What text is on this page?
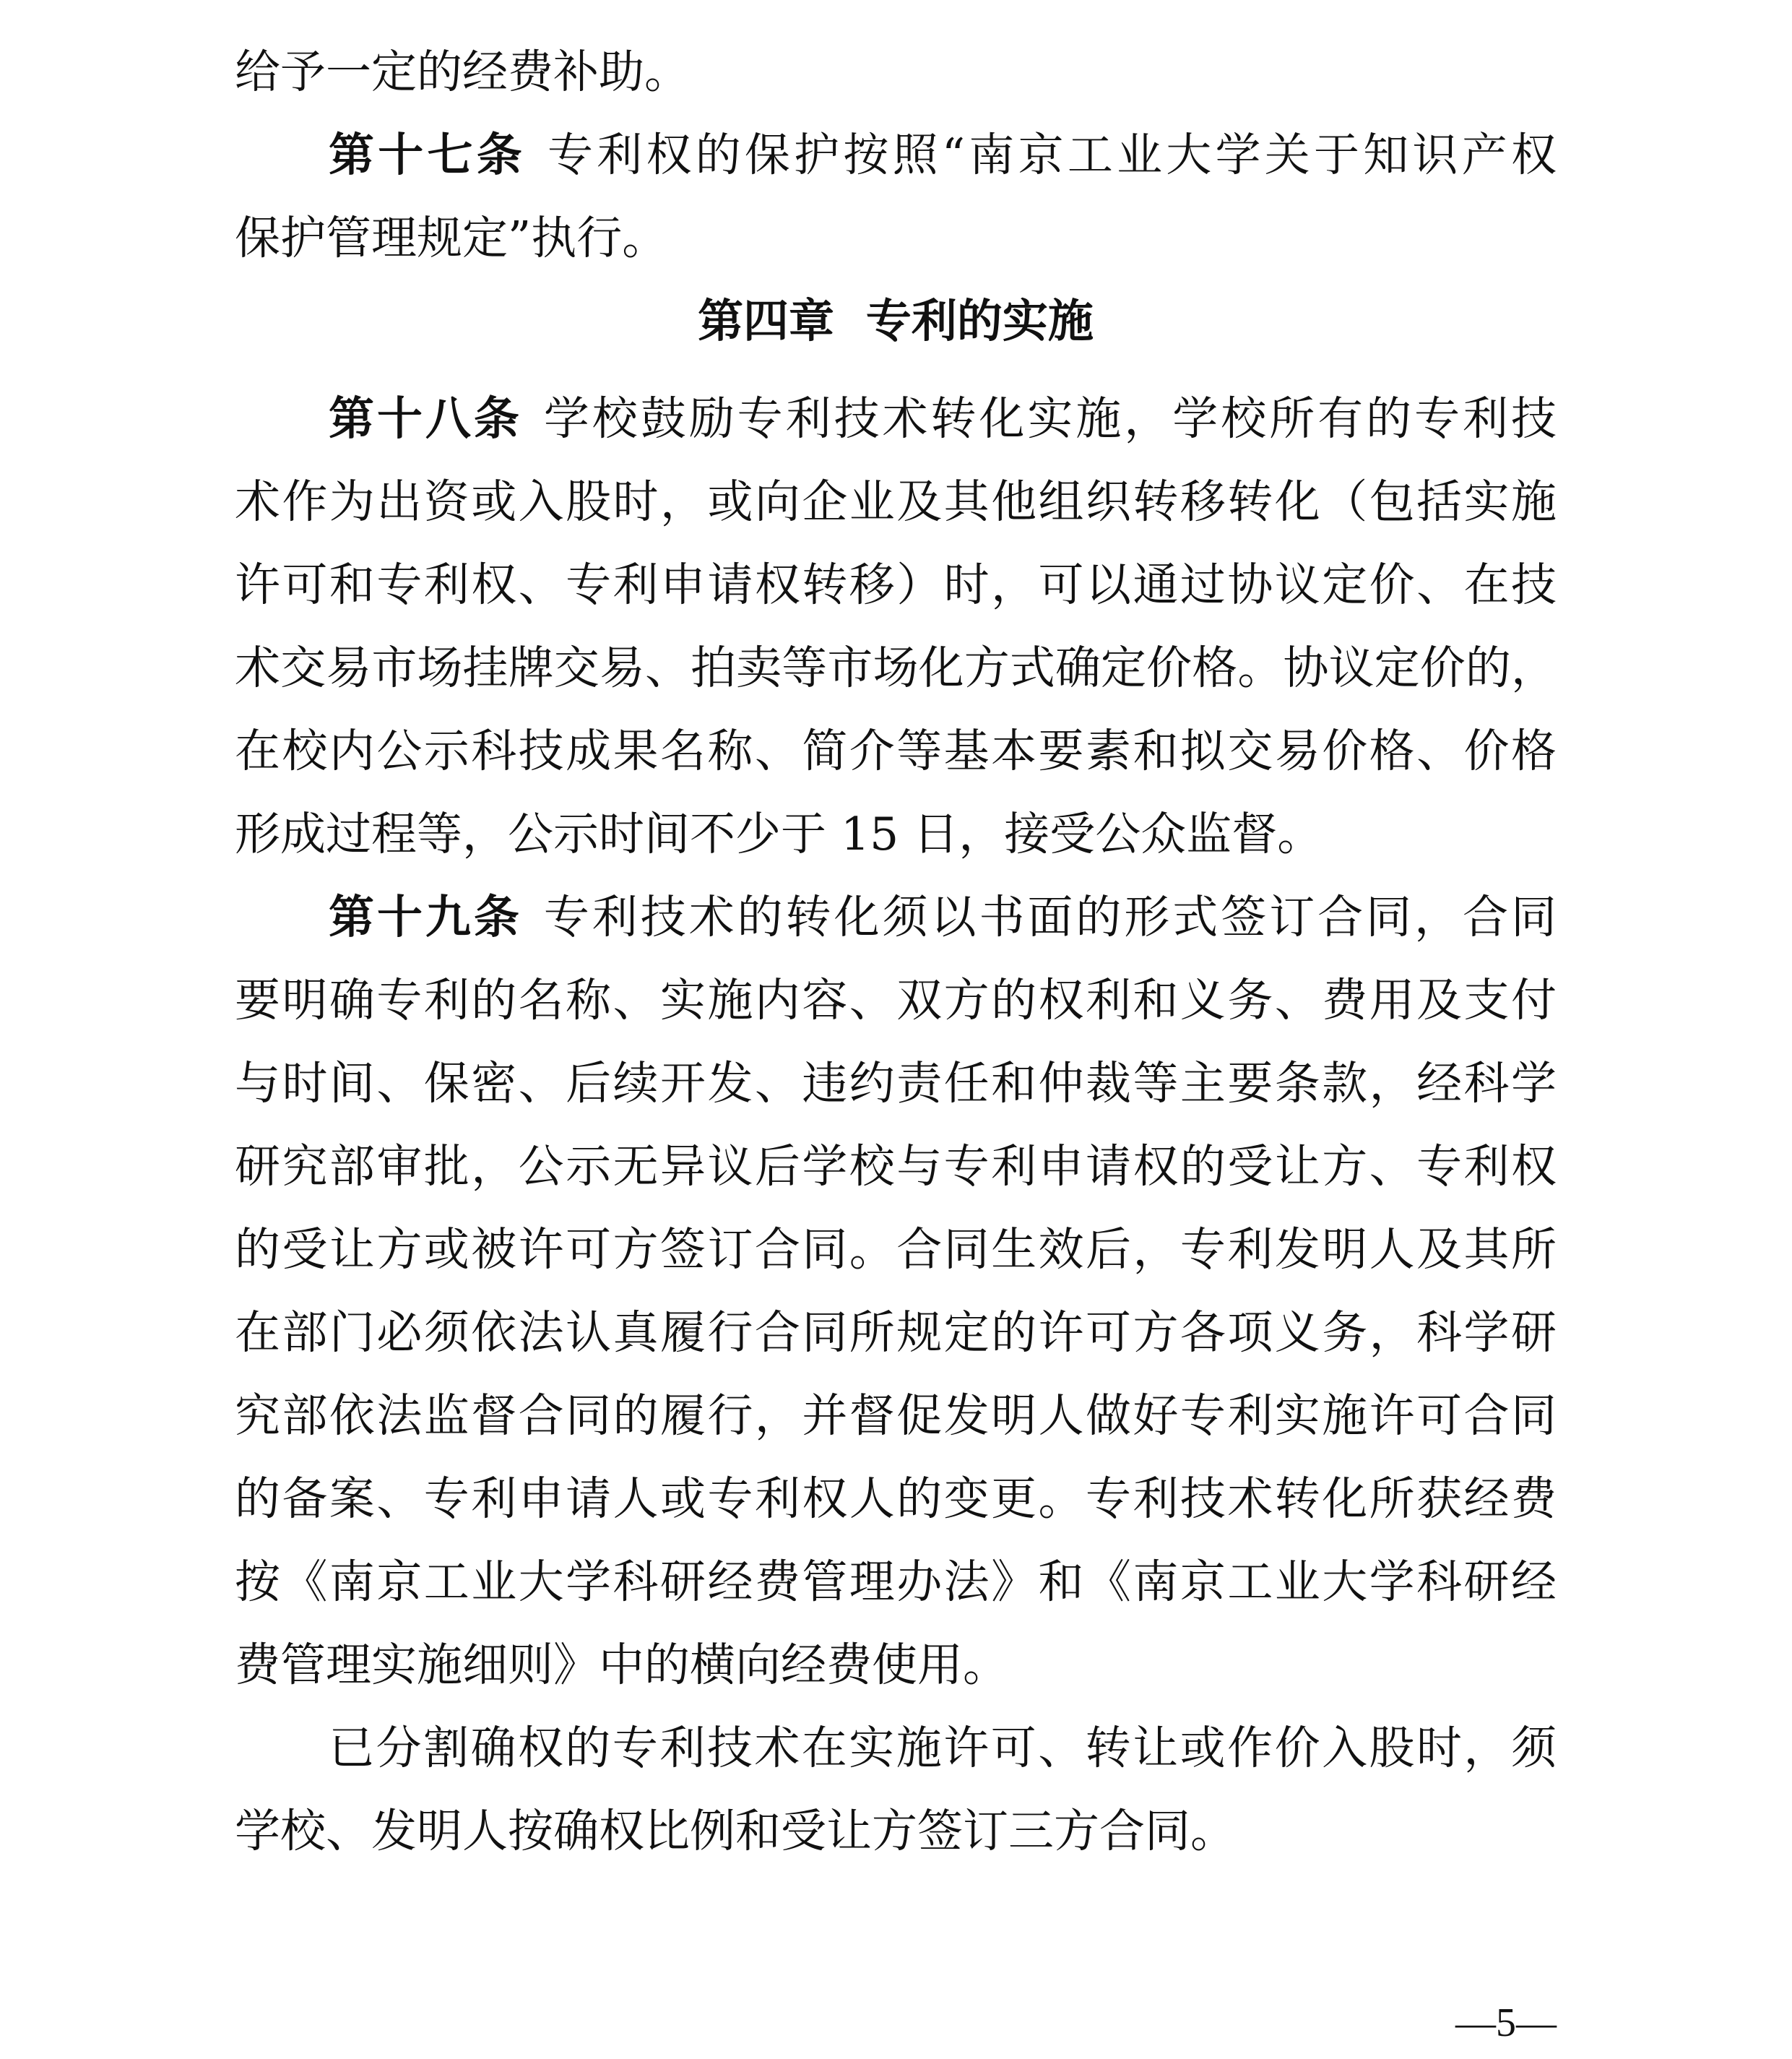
给予一定的经费补助。
第十七条 专利权的保护按照“南京工业大学关于知识产权
保护管理规定”执行。
第四章  专利的实施
第十八条 学校鼓励专利技术转化实施，学校所有的专利技
术作为出资或入股时，或向企业及其他组织转移转化（包括实施
许可和专利权、专利申请权转移）时，可以通过协议定价、在技
术交易市场挂牌交易、拍卖等市场化方式确定价格。协议定价的，
在校内公示科技成果名称、简介等基本要素和拟交易价格、价格
形成过程等，公示时间不少于 15 日，接受公众监督。
第十九条 专利技术的转化须以书面的形式签订合同，合同
要明确专利的名称、实施内容、双方的权利和义务、费用及支付
与时间、保密、后续开发、违约责任和仲裁等主要条款，经科学
研究部审批，公示无异议后学校与专利申请权的受让方、专利权
的受让方或被许可方签订合同。合同生效后，专利发明人及其所
在部门必须依法认真履行合同所规定的许可方各项义务，科学研
究部依法监督合同的履行，并督促发明人做好专利实施许可合同
的备案、专利申请人或专利权人的变更。专利技术转化所获经费
按《南京工业大学科研经费管理办法》和《南京工业大学科研经
费管理实施细则》中的横向经费使用。
已分割确权的专利技术在实施许可、转让或作价入股时，须
学校、发明人按确权比例和受让方签订三方合同。
—5—
